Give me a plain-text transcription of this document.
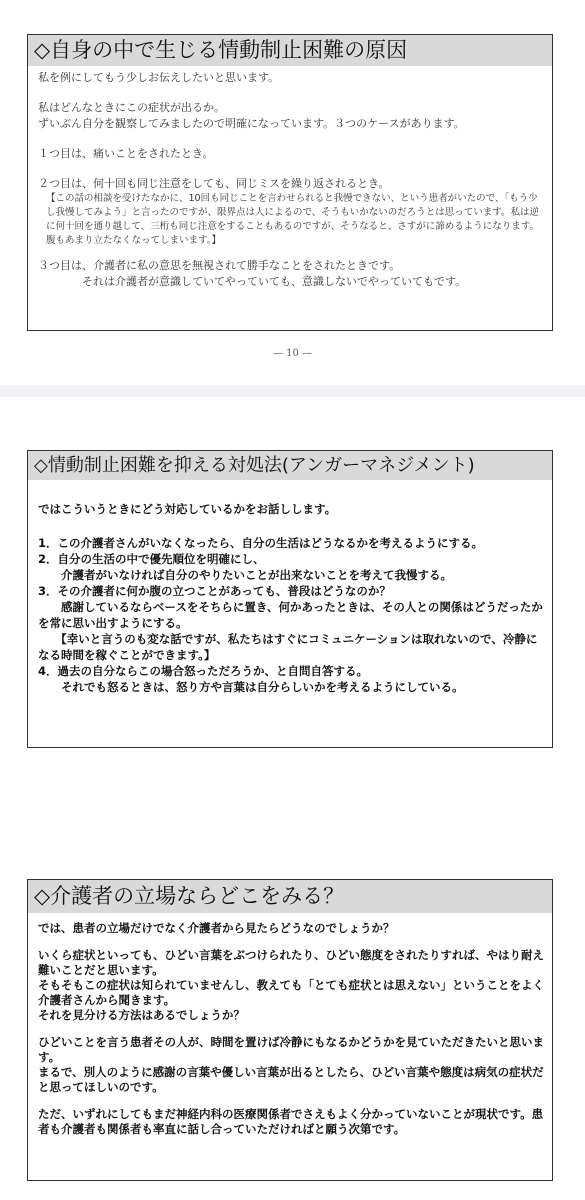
◇自身の中で生じる情動制止困難の原因

私を例にしてもう少しお伝えしたいと思います。

私はどんなときにこの症状が出るか。

ずいぶん自分を観察してみましたので明確になっています。３つのケースがあります。

１つ目は、痛いことをされたとき。

２つ目は、何十回も同じ注意をしても、同じミスを繰り返されるとき。

【この話の相談を受けたなかに、10回も同じことを言わせられると我慢できない、という患者がいたので、「もう少し我慢してみよう」と言ったのですが、限界点は人によるので、そうもいかないのだろうとは思っています。私は逆に何十回を通り越して、三桁も同じ注意をすることもあるのですが、そうなると、さすがに諦めるようになります。腹もあまり立たなくなってしまいます。】

３つ目は、介護者に私の意思を無視されて勝手なことをされたときです。

　　　　それは介護者が意識していてやっていても、意識しないでやっていてもです。

— 10 —
◇情動制止困難を抑える対処法(アンガーマネジメント)

ではこういうときにどう対応しているかをお話しします。

1．この介護者さんがいなくなったら、自分の生活はどうなるかを考えるようにする。

2．自分の生活の中で優先順位を明確にし、
　　介護者がいなければ自分のやりたいことが出来ないことを考えて我慢する。

3．その介護者に何か腹の立つことがあっても、普段はどうなのか？
　　感謝しているならベースをそちらに置き、何かあったときは、その人との関係はどうだったかを常に思い出すようにする。
　　【幸いと言うのも変な話ですが、私たちはすぐにコミュニケーションは取れないので、冷静になる時間を稼ぐことができます。】

4．過去の自分ならこの場合怒っただろうか、と自問自答する。
　　それでも怒るときは、怒り方や言葉は自分らしいかを考えるようにしている。

◇介護者の立場ならどこをみる？

では、患者の立場だけでなく介護者から見たらどうなのでしょうか？

いくら症状といっても、ひどい言葉をぶつけられたり、ひどい態度をされたりすれば、やはり耐え難いことだと思います。

そもそもこの症状は知られていませんし、教えても「とても症状とは思えない」ということをよく介護者さんから聞きます。

それを見分ける方法はあるでしょうか？

ひどいことを言う患者その人が、時間を置けば冷静にもなるかどうかを見ていただきたいと思います。

まるで、別人のように感謝の言葉や優しい言葉が出るとしたら、ひどい言葉や態度は病気の症状だと思ってほしいのです。

ただ、いずれにしてもまだ神経内科の医療関係者でさえもよく分かっていないことが現状です。患者も介護者も関係者も率直に話し合っていただければと願う次第です。
